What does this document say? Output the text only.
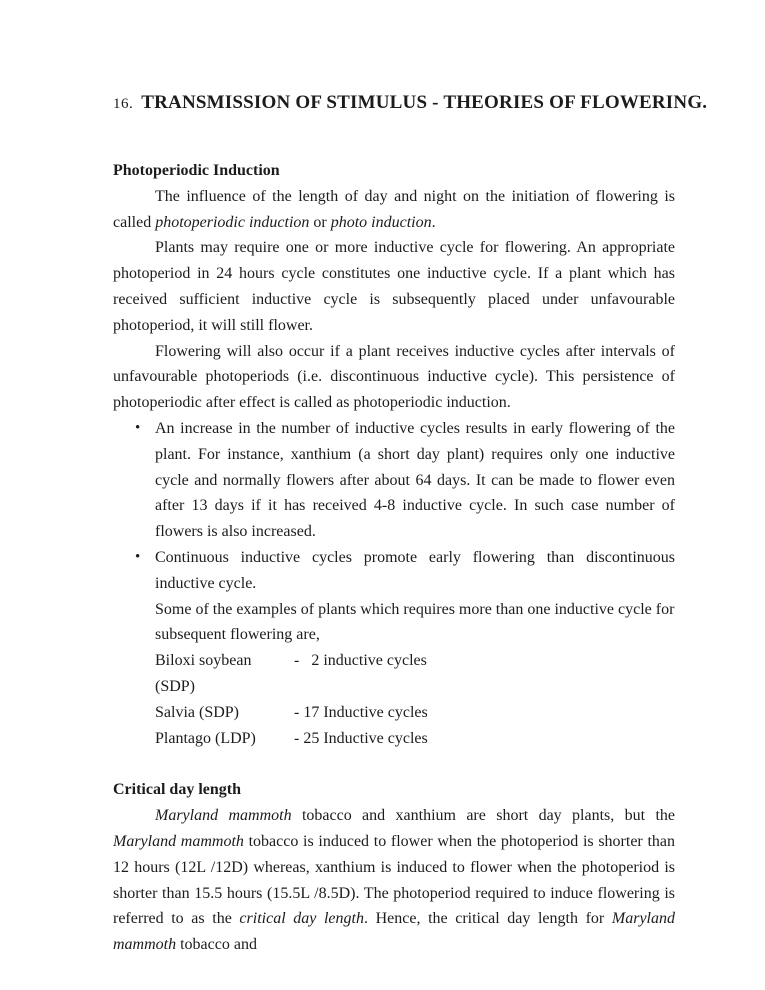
16. TRANSMISSION OF STIMULUS - THEORIES OF FLOWERING.
Photoperiodic Induction

The influence of the length of day and night on the initiation of flowering is called photoperiodic induction or photo induction.

Plants may require one or more inductive cycle for flowering. An appropriate photoperiod in 24 hours cycle constitutes one inductive cycle. If a plant which has received sufficient inductive cycle is subsequently placed under unfavourable photoperiod, it will still flower.

Flowering will also occur if a plant receives inductive cycles after intervals of unfavourable photoperiods (i.e. discontinuous inductive cycle). This persistence of photoperiodic after effect is called as photoperiodic induction.

• An increase in the number of inductive cycles results in early flowering of the plant. For instance, xanthium (a short day plant) requires only one inductive cycle and normally flowers after about 64 days. It can be made to flower even after 13 days if it has received 4-8 inductive cycle. In such case number of flowers is also increased.
• Continuous inductive cycles promote early flowering than discontinuous inductive cycle.

Some of the examples of plants which requires more than one inductive cycle for subsequent flowering are,

Biloxi soybean (SDP)
-   2 inductive cycles
Salvia (SDP)	- 17 Inductive cycles
Plantago (LDP)	- 25 Inductive cycles
Critical day length

Maryland mammoth tobacco and xanthium are short day plants, but the Maryland mammoth tobacco is induced to flower when the photoperiod is shorter than 12 hours (12L /12D) whereas, xanthium is induced to flower when the photoperiod is shorter than 15.5 hours (15.5L /8.5D). The photoperiod required to induce flowering is referred to as the critical day length. Hence, the critical day length for Maryland mammoth tobacco and
